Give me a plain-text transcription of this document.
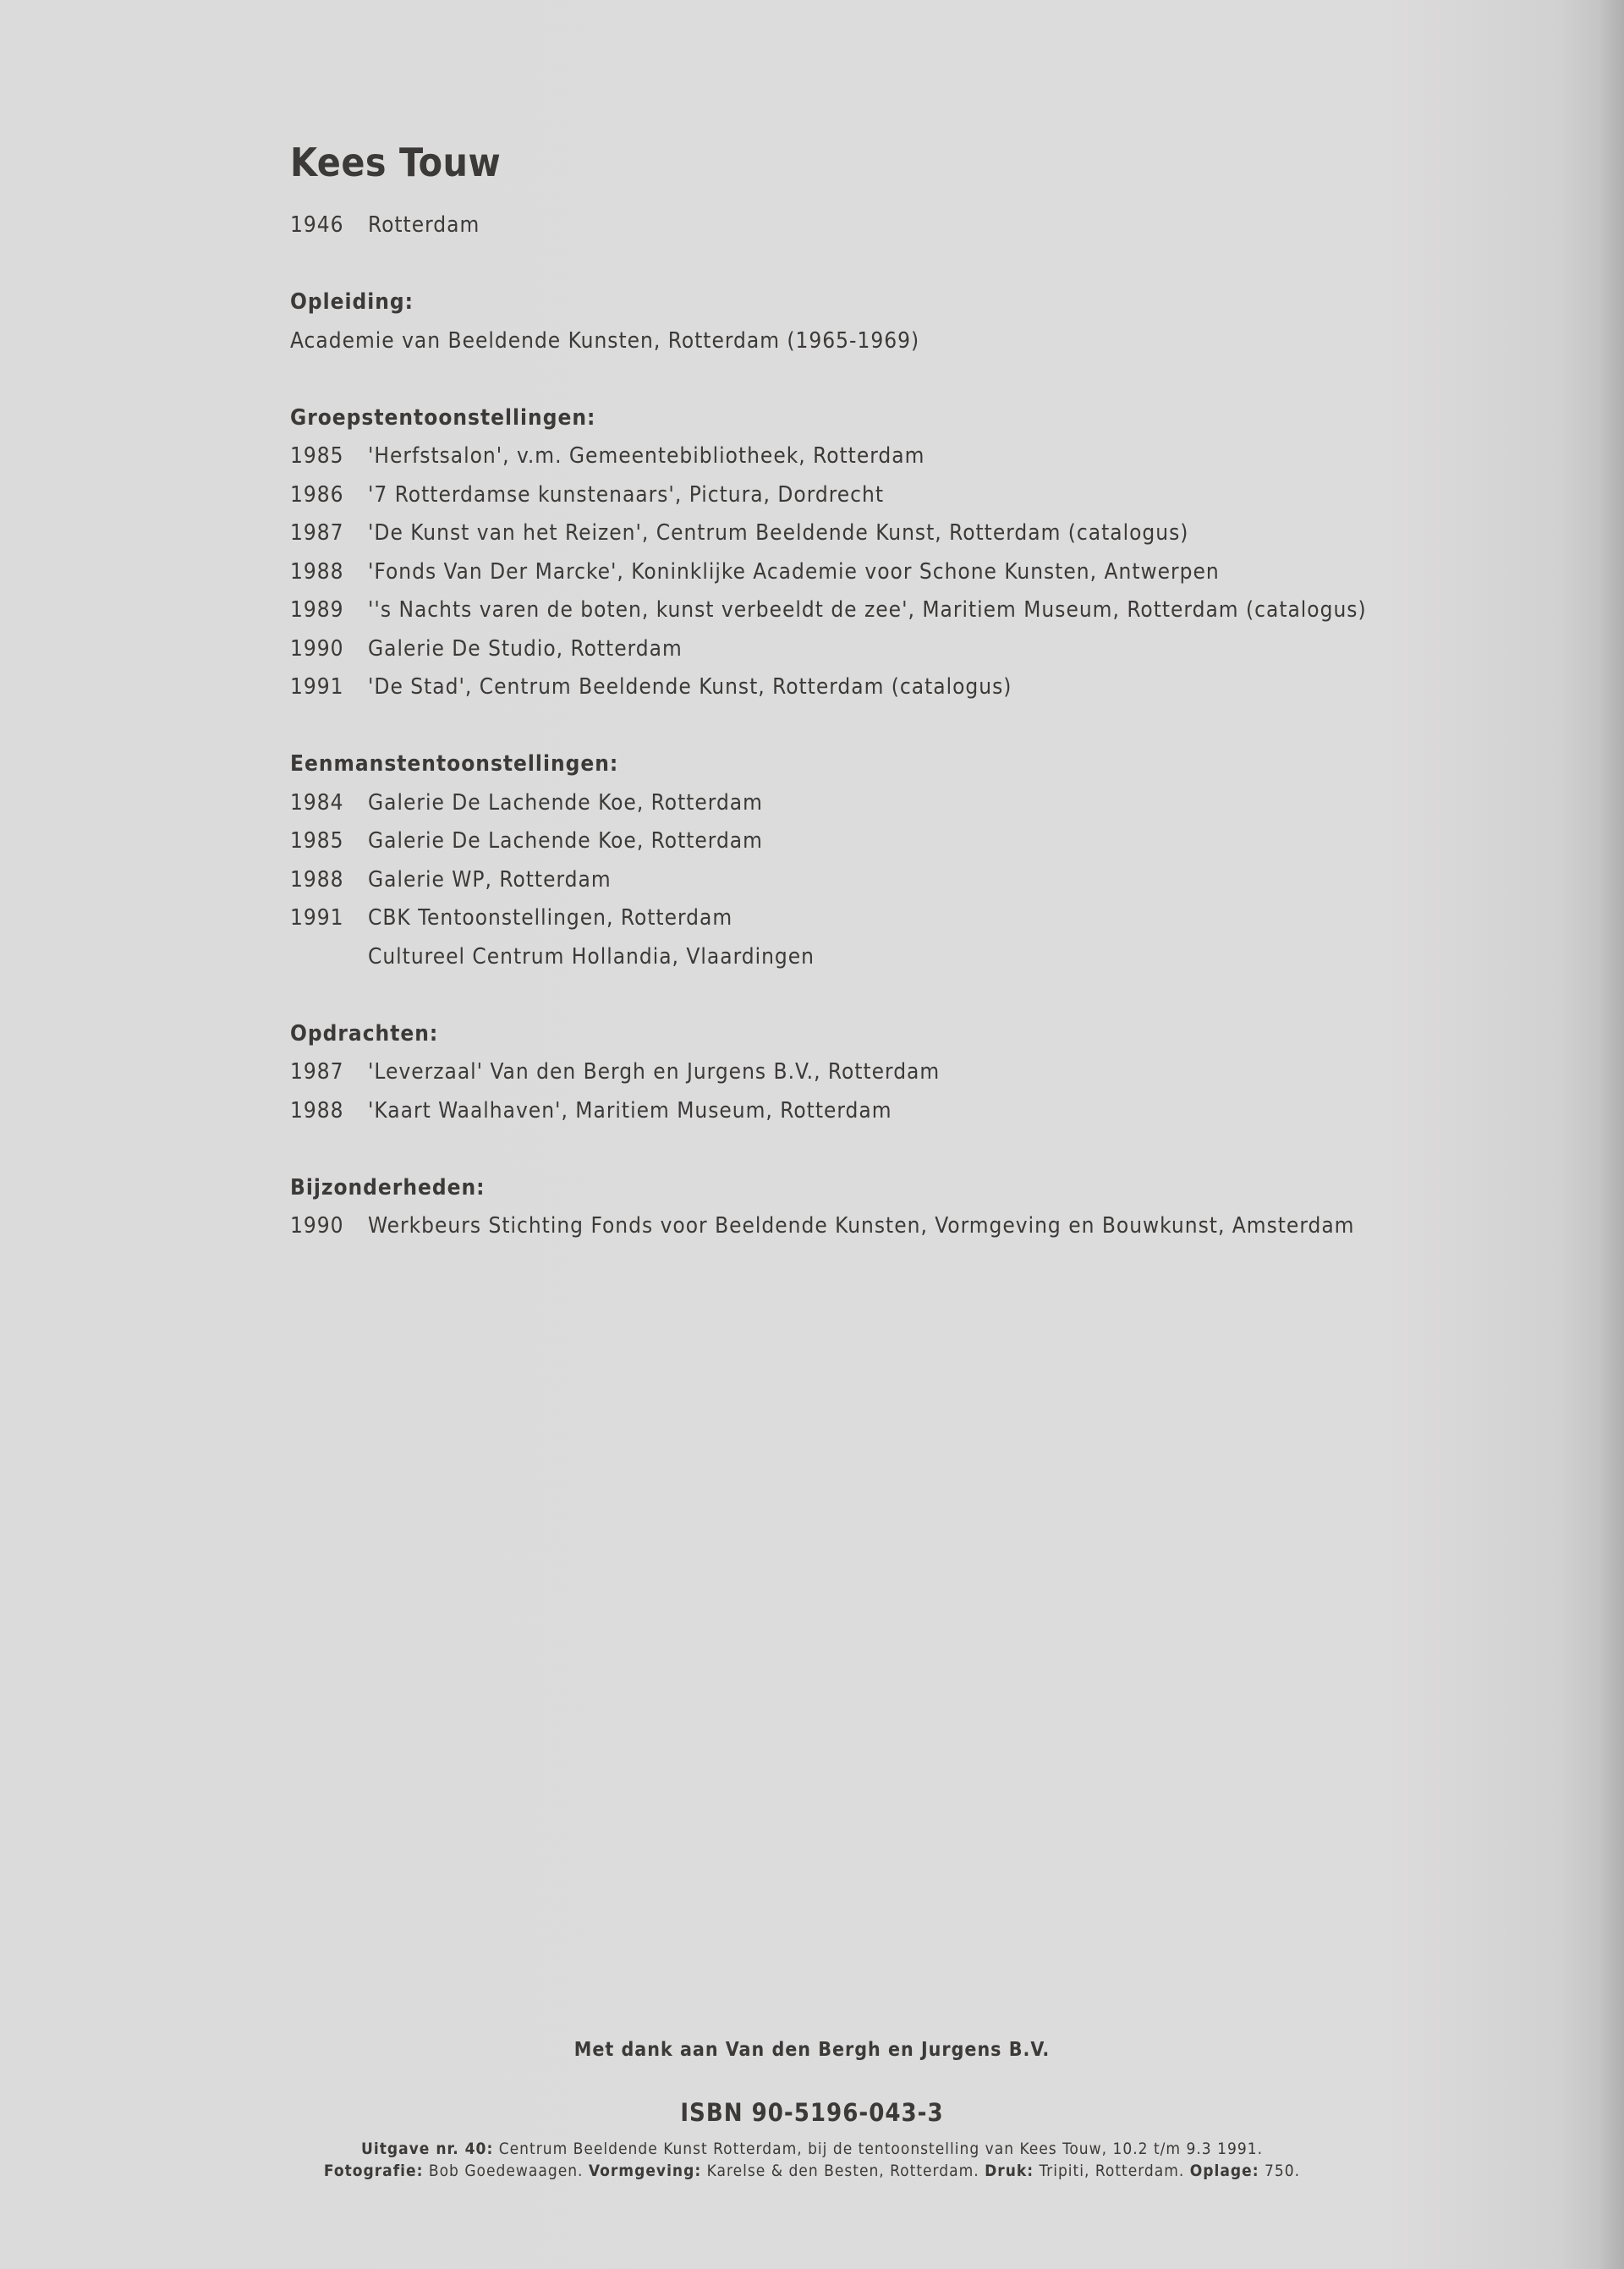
Kees Touw
1946	Rotterdam
Opleiding:
Academie van Beeldende Kunsten, Rotterdam (1965-1969)
Groepstentoonstellingen:
1985	'Herfstsalon', v.m. Gemeentebibliotheek, Rotterdam
1986	'7 Rotterdamse kunstenaars', Pictura, Dordrecht
1987	'De Kunst van het Reizen', Centrum Beeldende Kunst, Rotterdam (catalogus)
1988	'Fonds Van Der Marcke', Koninklijke Academie voor Schone Kunsten, Antwerpen
1989	''s Nachts varen de boten, kunst verbeeldt de zee', Maritiem Museum, Rotterdam (catalogus)
1990	Galerie De Studio, Rotterdam
1991	'De Stad', Centrum Beeldende Kunst, Rotterdam (catalogus)
Eenmanstentoonstellingen:
1984	Galerie De Lachende Koe, Rotterdam
1985	Galerie De Lachende Koe, Rotterdam
1988	Galerie WP, Rotterdam
1991	CBK Tentoonstellingen, Rotterdam
Cultureel Centrum Hollandia, Vlaardingen
Opdrachten:
1987	'Leverzaal' Van den Bergh en Jurgens B.V., Rotterdam
1988	'Kaart Waalhaven', Maritiem Museum, Rotterdam
Bijzonderheden:
1990	Werkbeurs Stichting Fonds voor Beeldende Kunsten, Vormgeving en Bouwkunst, Amsterdam
Met dank aan Van den Bergh en Jurgens B.V.
ISBN 90-5196-043-3
Uitgave nr. 40: Centrum Beeldende Kunst Rotterdam, bij de tentoonstelling van Kees Touw, 10.2 t/m 9.3 1991.
Fotografie: Bob Goedewaagen. Vormgeving: Karelse & den Besten, Rotterdam. Druk: Tripiti, Rotterdam. Oplage: 750.
